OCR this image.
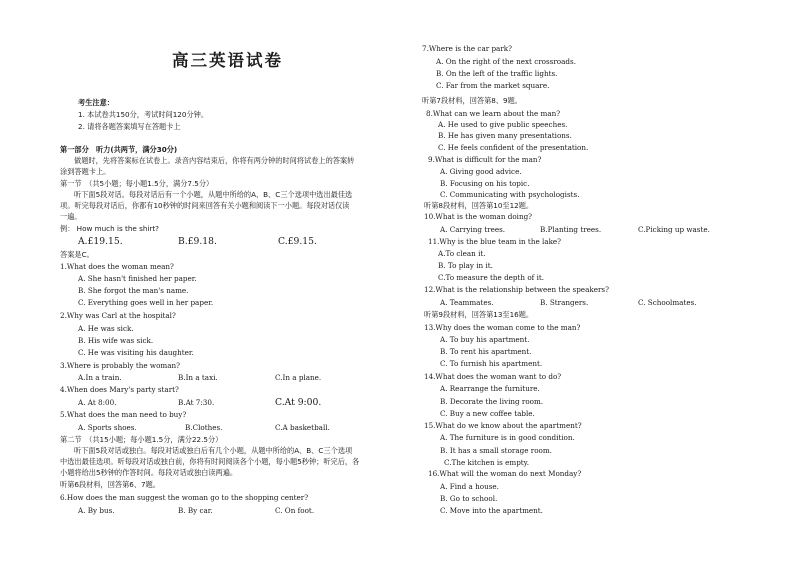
高三英语试卷
考生注意：
1. 本试卷共150分，考试时间120分钟。
2. 请将各题答案填写在答题卡上
第一部分　听力(共两节，满分30分)
做题时，先将答案标在试卷上。录音内容结束后，你将有两分钟的时间将试卷上的答案转
涂到答题卡上。
第一节　（共5小题；每小题1.5分，满分7.5分）
听下面5段对话。每段对话后有一个小题，从题中所给的A、B、C三个选项中选出最佳选
项。听完每段对话后，你都有10秒钟的时间来回答有关小题和阅读下一小题。每段对话仅读
一遍。
例： How much is the shirt?
A.£19.15.	B.£9.18.	C.£9.15.
答案是C。
1.What does the woman mean?
A. She hasn't finished her paper.
B. She forgot the man's name.
C. Everything goes well in her paper.
2.Why was Carl at the hospital?
A. He was sick.
B. His wife was sick.
C. He was visiting his daughter.
3.Where is probably the woman?
A.In a train.	B.In a taxi.	C.In a plane.
4.When does Mary's party start?
A. At 8:00.	B.At 7:30.	C.At 9:00.
5.What does the man need to buy?
A. Sports shoes.	B.Clothes.	C.A basketball.
第二节　（共15小题；每小题1.5分，满分22.5分）
听下面5段对话或独白。每段对话或独白后有几个小题，从题中所给的A、B、C三个选项
中选出最佳选项。听每段对话或独白前，你将有时间阅读各个小题，每小题5秒钟；听完后，各
小题将给出5秒钟的作答时间。每段对话或独白读两遍。
听第6段材料，回答第6、7题。
6.How does the man suggest the woman go to the shopping center?
A. By bus.	B. By car.	C. On foot.
7.Where is the car park?
A. On the right of the next crossroads.
B. On the left of the traffic lights.
C. Far from the market square.
听第7段材料，回答第8、9题。
8.What can we learn about the man?
A. He used to give public speeches.
B. He has given many presentations.
C. He feels confident of the presentation.
9.What is difficult for the man?
A. Giving good advice.
B. Focusing on his topic.
C. Communicating with psychologists.
听第8段材料，回答第10至12题。
10.What is the woman doing?
A. Carrying trees.	B.Planting trees.	C.Picking up waste.
11.Why is the blue team in the lake?
A.To clean it.
B. To play in it.
C.To measure the depth of it.
12.What is the relationship between the speakers?
A. Teammates.	B. Strangers.	C. Schoolmates.
听第9段材料，回答第13至16题。
13.Why does the woman come to the man?
A. To buy his apartment.
B. To rent his apartment.
C. To furnish his apartment.
14.What does the woman want to do?
A. Rearrange the furniture.
B. Decorate the living room.
C. Buy a new coffee table.
15.What do we know about the apartment?
A. The furniture is in good condition.
B. It has a small storage room.
C.The kitchen is empty.
16.What will the woman do next Monday?
A. Find a house.
B. Go to school.
C. Move into the apartment.
